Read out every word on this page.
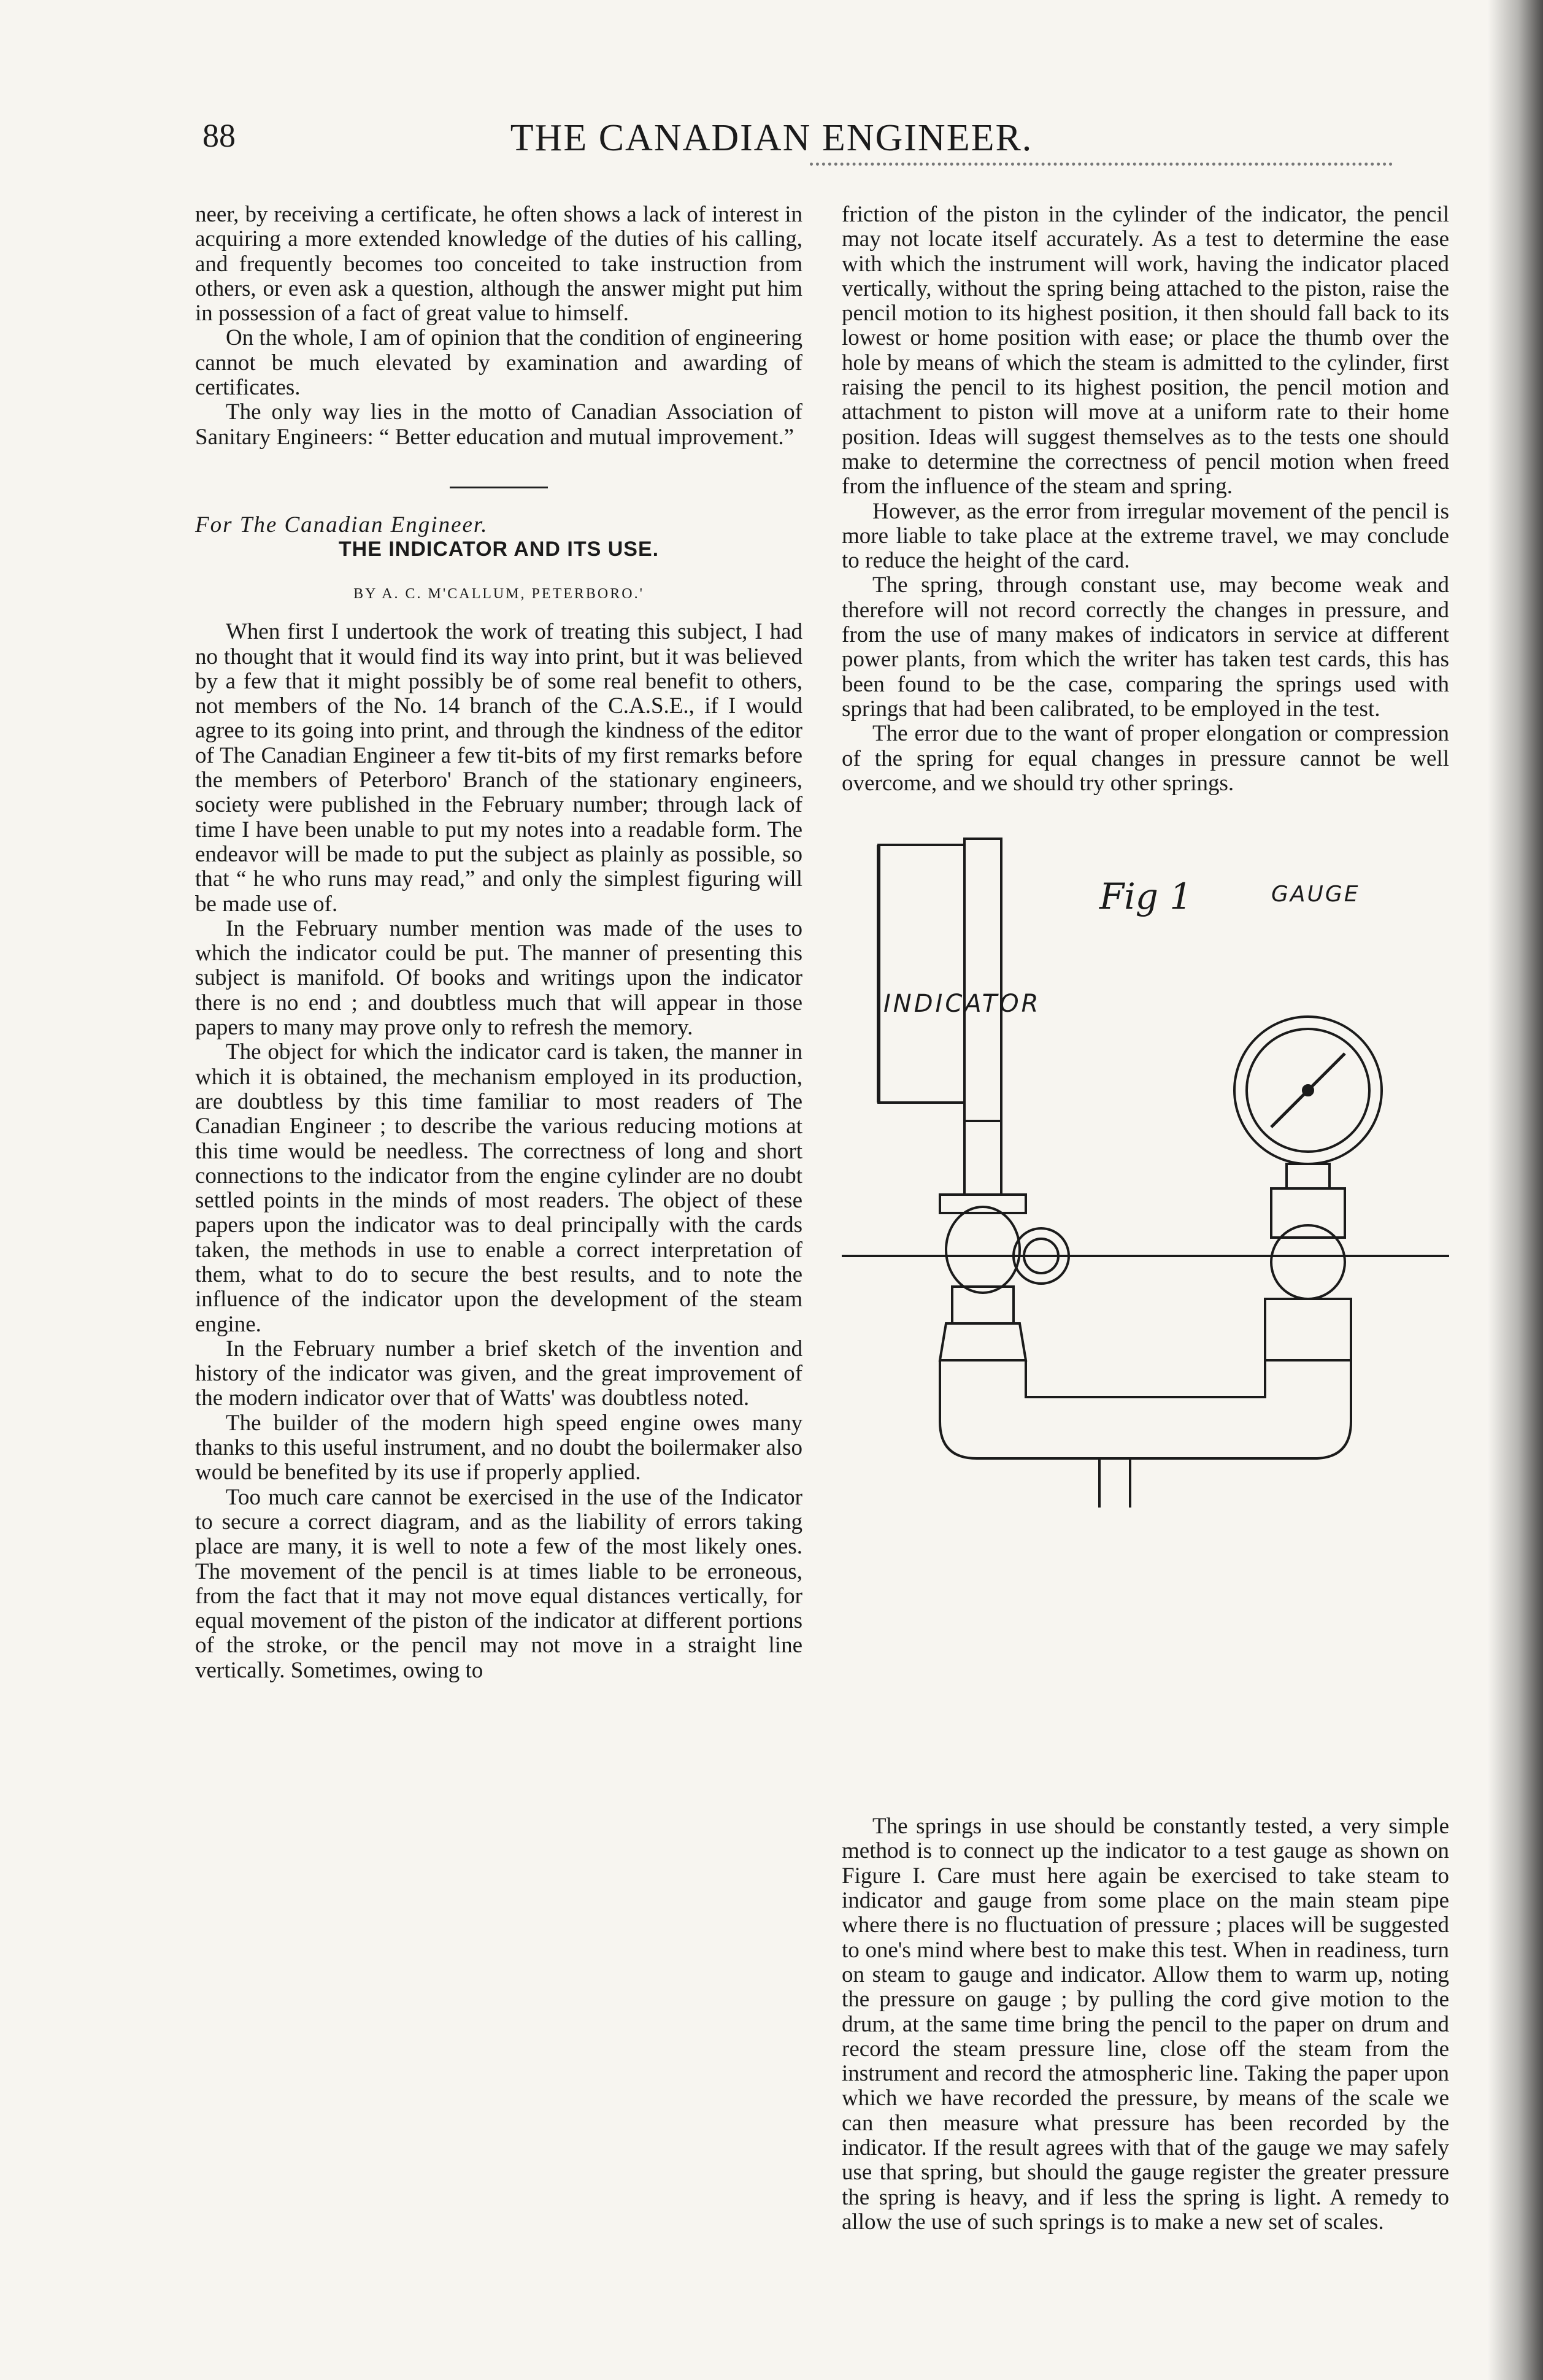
88	THE CANADIAN ENGINEER.

neer, by receiving a certificate, he often shows a lack of interest in acquiring a more extended knowledge of the duties of his calling, and frequently becomes too conceited to take instruction from others, or even ask a question, although the answer might put him in possession of a fact of great value to himself.

On the whole, I am of opinion that the condition of engineering cannot be much elevated by examination and awarding of certificates.

The only way lies in the motto of Canadian Association of Sanitary Engineers: “ Better education and mutual improvement.”

For The Canadian Engineer.

THE INDICATOR AND ITS USE.
BY A. C. M'CALLUM, PETERBORO.'

When first I undertook the work of treating this subject, I had no thought that it would find its way into print, but it was believed by a few that it might possibly be of some real benefit to others, not members of the No. 14 branch of the C.A.S.E., if I would agree to its going into print, and through the kindness of the editor of The Canadian Engineer a few tit-bits of my first remarks before the members of Peterboro' Branch of the stationary engineers, society were published in the February number; through lack of time I have been unable to put my notes into a readable form. The endeavor will be made to put the subject as plainly as possible, so that “ he who runs may read,” and only the simplest figuring will be made use of.

In the February number mention was made of the uses to which the indicator could be put. The manner of presenting this subject is manifold. Of books and writings upon the indicator there is no end ; and doubtless much that will appear in those papers to many may prove only to refresh the memory.

The object for which the indicator card is taken, the manner in which it is obtained, the mechanism employed in its production, are doubtless by this time familiar to most readers of The Canadian Engineer ; to describe the various reducing motions at this time would be needless. The correctness of long and short connections to the indicator from the engine cylinder are no doubt settled points in the minds of most readers. The object of these papers upon the indicator was to deal principally with the cards taken, the methods in use to enable a correct interpretation of them, what to do to secure the best results, and to note the influence of the indicator upon the development of the steam engine.

In the February number a brief sketch of the invention and history of the indicator was given, and the great improvement of the modern indicator over that of Watts' was doubtless noted.

The builder of the modern high speed engine owes many thanks to this useful instrument, and no doubt the boilermaker also would be benefited by its use if properly applied.

Too much care cannot be exercised in the use of the Indicator to secure a correct diagram, and as the liability of errors taking place are many, it is well to note a few of the most likely ones. The movement of the pencil is at times liable to be erroneous, from the fact that it may not move equal distances vertically, for equal movement of the piston of the indicator at different portions of the stroke, or the pencil may not move in a straight line vertically. Sometimes, owing to

friction of the piston in the cylinder of the indicator, the pencil may not locate itself accurately. As a test to determine the ease with which the instrument will work, having the indicator placed vertically, without the spring being attached to the piston, raise the pencil motion to its highest position, it then should fall back to its lowest or home position with ease; or place the thumb over the hole by means of which the steam is admitted to the cylinder, first raising the pencil to its highest position, the pencil motion and attachment to piston will move at a uniform rate to their home position. Ideas will suggest themselves as to the tests one should make to determine the correctness of pencil motion when freed from the influence of the steam and spring.

However, as the error from irregular movement of the pencil is more liable to take place at the extreme travel, we may conclude to reduce the height of the card.

The spring, through constant use, may become weak and therefore will not record correctly the changes in pressure, and from the use of many makes of indicators in service at different power plants, from which the writer has taken test cards, this has been found to be the case, comparing the springs used with springs that had been calibrated, to be employed in the test.

The error due to the want of proper elongation or compression of the spring for equal changes in pressure cannot be well overcome, and we should try other springs.

INDICATOR
Fig 1	GAUGE

The springs in use should be constantly tested, a very simple method is to connect up the indicator to a test gauge as shown on Figure I. Care must here again be exercised to take steam to indicator and gauge from some place on the main steam pipe where there is no fluctuation of pressure ; places will be suggested to one's mind where best to make this test. When in readiness, turn on steam to gauge and indicator. Allow them to warm up, noting the pressure on gauge ; by pulling the cord give motion to the drum, at the same time bring the pencil to the paper on drum and record the steam pressure line, close off the steam from the instrument and record the atmospheric line. Taking the paper upon which we have recorded the pressure, by means of the scale we can then measure what pressure has been recorded by the indicator. If the result agrees with that of the gauge we may safely use that spring, but should the gauge register the greater pressure the spring is heavy, and if less the spring is light. A remedy to allow the use of such springs is to make a new set of scales.
